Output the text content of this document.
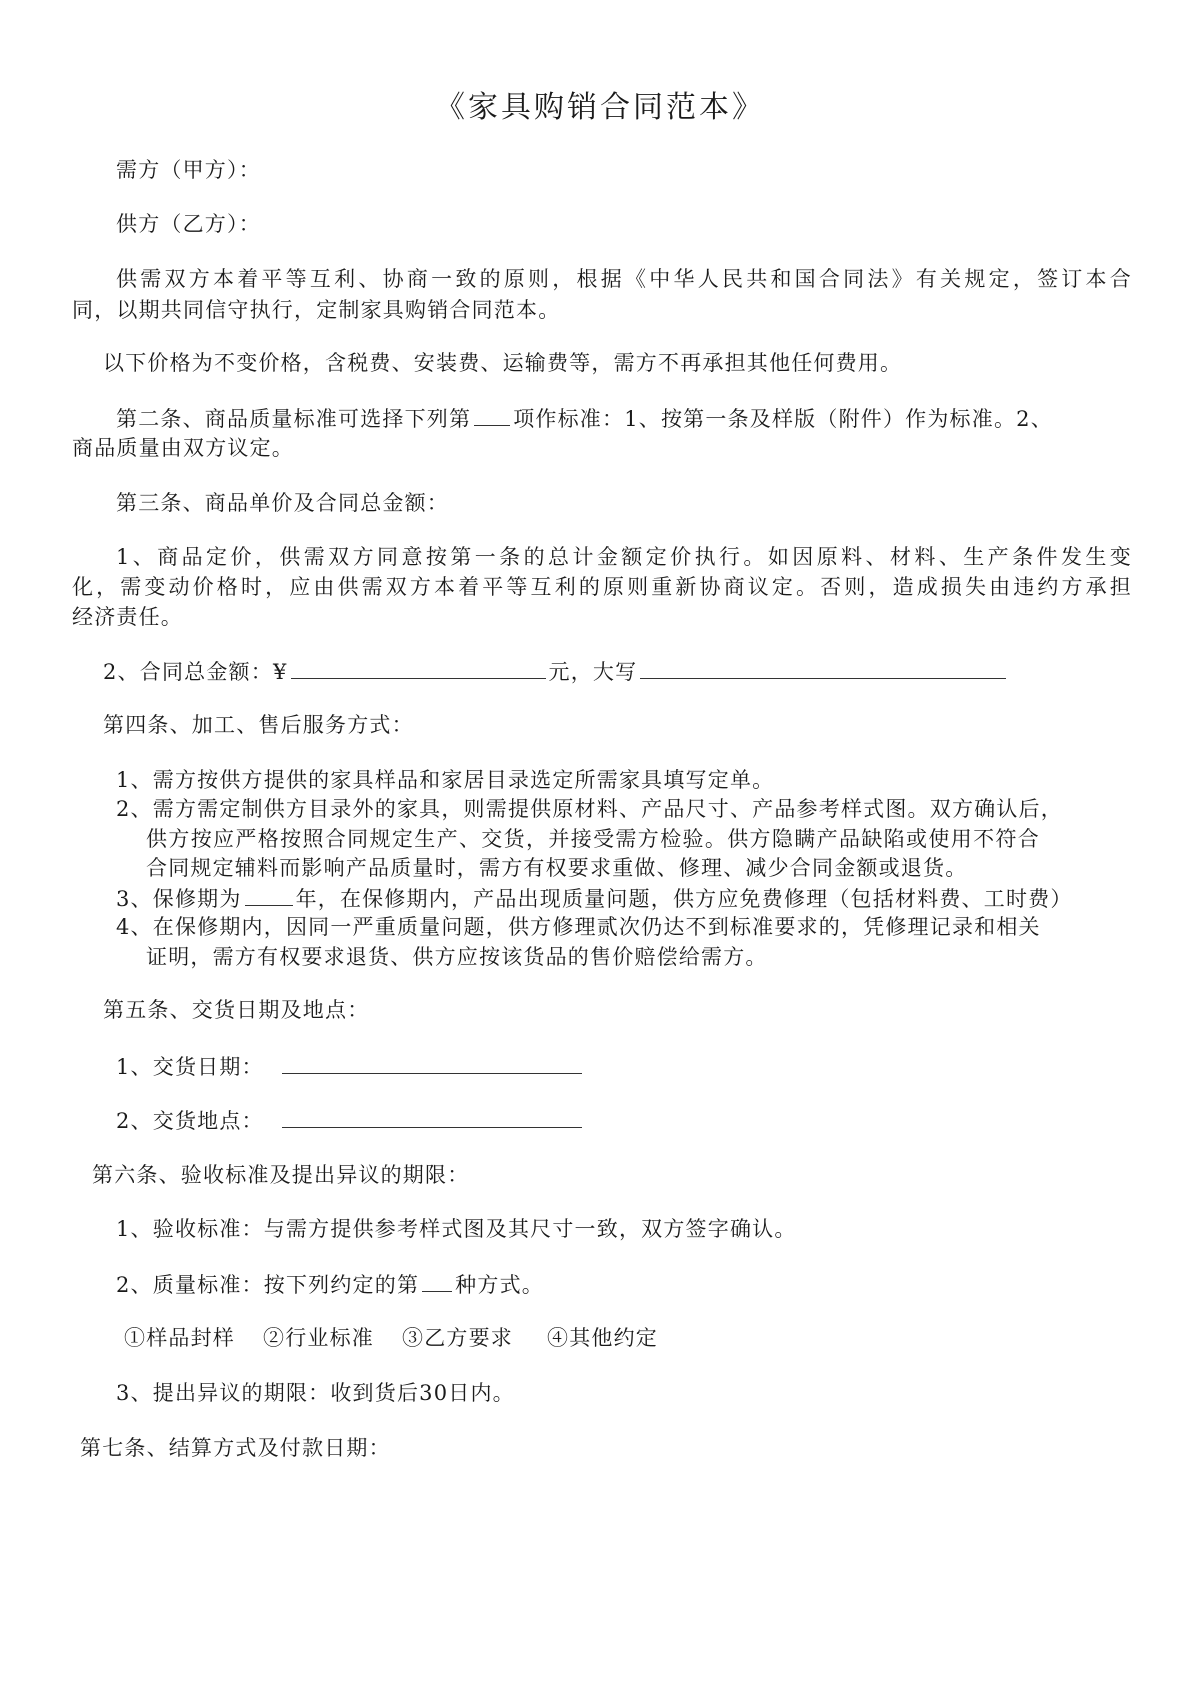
《家具购销合同范本》
需方（甲方）：
供方（乙方）：
供需双方本着平等互利、协商一致的原则，根据《中华人民共和国合同法》有关规定，签订本合
同，以期共同信守执行，定制家具购销合同范本。
以下价格为不变价格，含税费、安装费、运输费等，需方不再承担其他任何费用。
第二条、商品质量标准可选择下列第 项作标准：1、按第一条及样版（附件）作为标准。2、
商品质量由双方议定。
第三条、商品单价及合同总金额：
1、商品定价，供需双方同意按第一条的总计金额定价执行。如因原料、材料、生产条件发生变
化，需变动价格时，应由供需双方本着平等互利的原则重新协商议定。否则，造成损失由违约方承担
经济责任。
2、合同总金额：¥	元，大写
第四条、加工、售后服务方式：
1、需方按供方提供的家具样品和家居目录选定所需家具填写定单。
2、需方需定制供方目录外的家具，则需提供原材料、产品尺寸、产品参考样式图。双方确认后，
供方按应严格按照合同规定生产、交货，并接受需方检验。供方隐瞒产品缺陷或使用不符合
合同规定辅料而影响产品质量时，需方有权要求重做、修理、减少合同金额或退货。
3、保修期为	年，在保修期内，产品出现质量问题，供方应免费修理（包括材料费、工时费）
4、在保修期内，因同一严重质量问题，供方修理贰次仍达不到标准要求的，凭修理记录和相关
证明，需方有权要求退货、供方应按该货品的售价赔偿给需方。
第五条、交货日期及地点：
1、交货日期：
2、交货地点：
第六条、验收标准及提出异议的期限：
1、验收标准：与需方提供参考样式图及其尺寸一致，双方签字确认。
2、质量标准：按下列约定的第 种方式。
①样品封样 ②行业标准 ③乙方要求 ④其他约定
3、提出异议的期限：收到货后30日内。
第七条、结算方式及付款日期：
